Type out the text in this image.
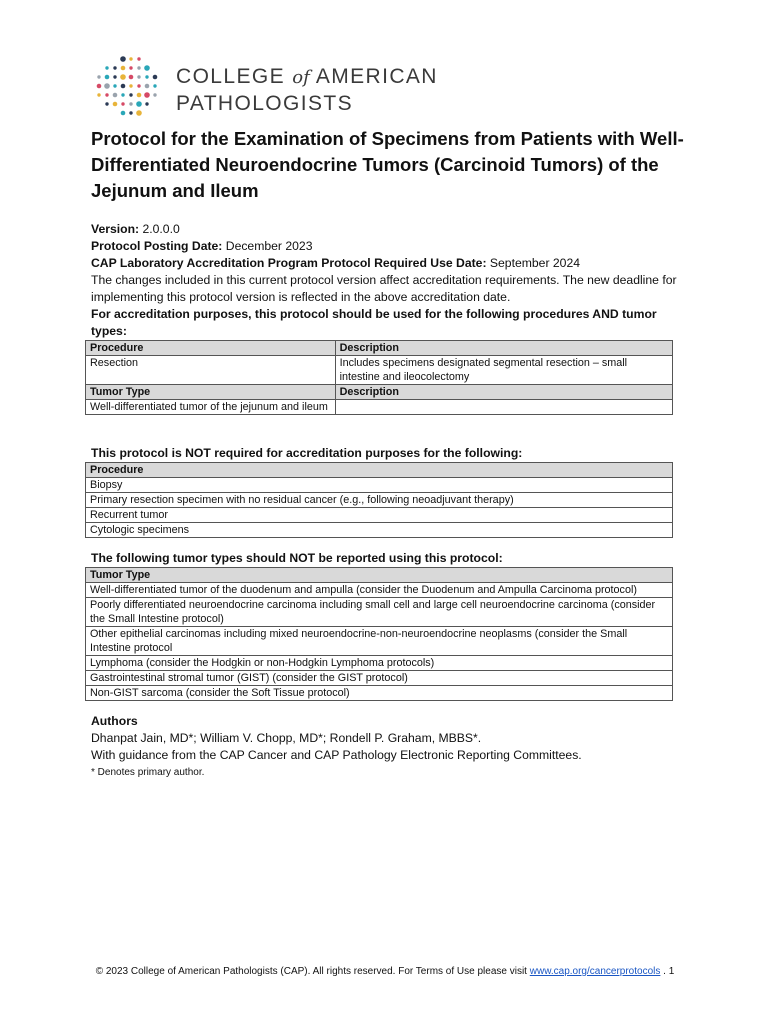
COLLEGE of AMERICAN
PATHOLOGISTS
Protocol for the Examination of Specimens from Patients with Well-Differentiated Neuroendocrine Tumors (Carcinoid Tumors) of the Jejunum and Ileum

Version: 2.0.0.0

Protocol Posting Date: December 2023

CAP Laboratory Accreditation Program Protocol Required Use Date: September 2024

The changes included in this current protocol version affect accreditation requirements. The new deadline for implementing this protocol version is reflected in the above accreditation date.

For accreditation purposes, this protocol should be used for the following procedures AND tumor types:

Procedure	Description
Resection	Includes specimens designated segmental resection – small intestine and ileocolectomy
Tumor Type	Description
Well-differentiated tumor of the jejunum and ileum	
This protocol is NOT required for accreditation purposes for the following:
Procedure
Biopsy
Primary resection specimen with no residual cancer (e.g., following neoadjuvant therapy)
Recurrent tumor
Cytologic specimens
The following tumor types should NOT be reported using this protocol:
Tumor Type
Well-differentiated tumor of the duodenum and ampulla (consider the Duodenum and Ampulla Carcinoma protocol)
Poorly differentiated neuroendocrine carcinoma including small cell and large cell neuroendocrine carcinoma (consider the Small Intestine protocol)
Other epithelial carcinomas including mixed neuroendocrine-non-neuroendocrine neoplasms (consider the Small Intestine protocol
Lymphoma (consider the Hodgkin or non-Hodgkin Lymphoma protocols)
Gastrointestinal stromal tumor (GIST) (consider the GIST protocol)
Non-GIST sarcoma (consider the Soft Tissue protocol)
Authors
Dhanpat Jain, MD*; William V. Chopp, MD*; Rondell P. Graham, MBBS*.
With guidance from the CAP Cancer and CAP Pathology Electronic Reporting Committees.
* Denotes primary author.
© 2023 College of American Pathologists (CAP). All rights reserved. For Terms of Use please visit www.cap.org/cancerprotocols . 1
